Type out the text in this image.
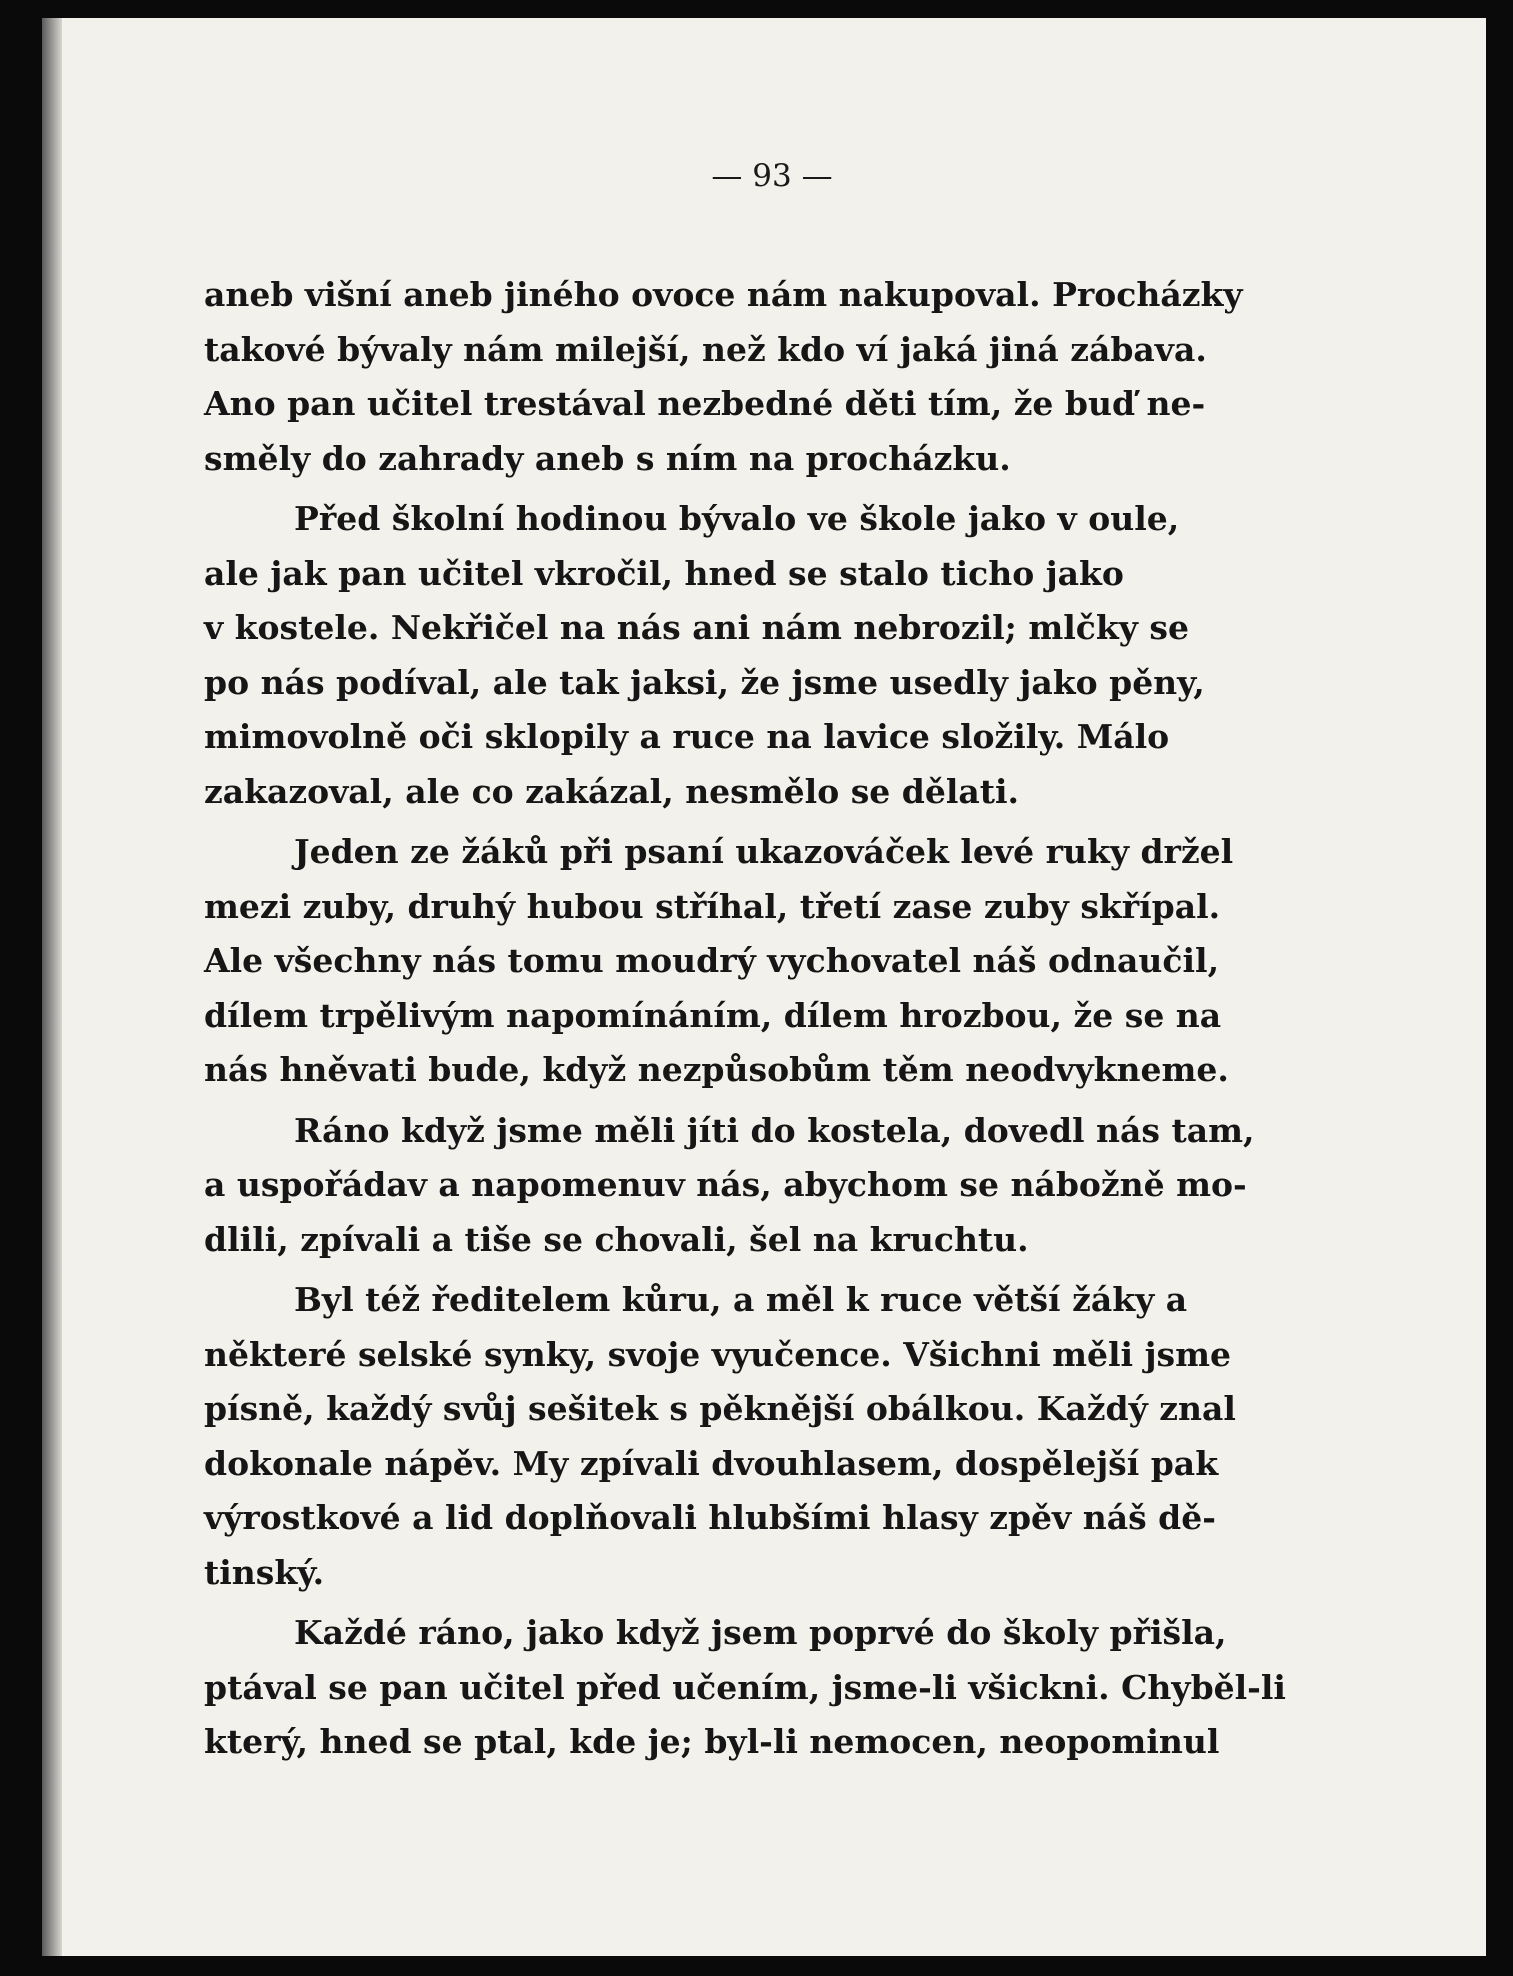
— 93 —
aneb višní aneb jiného ovoce nám nakupoval. Procházky
takové bývaly nám milejší, než kdo ví jaká jiná zábava.
Ano pan učitel trestával nezbedné děti tím, že buď ne-
směly do zahrady aneb s ním na procházku.
Před školní hodinou bývalo ve škole jako v oule,
ale jak pan učitel vkročil, hned se stalo ticho jako
v kostele. Nekřičel na nás ani nám nebrozil; mlčky se
po nás podíval, ale tak jaksi, že jsme usedly jako pěny,
mimovolně oči sklopily a ruce na lavice složily. Málo
zakazoval, ale co zakázal, nesmělo se dělati.
Jeden ze žáků při psaní ukazováček levé ruky držel
mezi zuby, druhý hubou stříhal, třetí zase zuby skřípal.
Ale všechny nás tomu moudrý vychovatel náš odnaučil,
dílem trpělivým napomínáním, dílem hrozbou, že se na
nás hněvati bude, když nezpůsobům těm neodvykneme.
Ráno když jsme měli jíti do kostela, dovedl nás tam,
a uspořádav a napomenuv nás, abychom se nábožně mo-
dlili, zpívali a tiše se chovali, šel na kruchtu.
Byl též ředitelem kůru, a měl k ruce větší žáky a
některé selské synky, svoje vyučence. Všichni měli jsme
písně, každý svůj sešitek s pěknější obálkou. Každý znal
dokonale nápěv. My zpívali dvouhlasem, dospělejší pak
výrostkové a lid doplňovali hlubšími hlasy zpěv náš dě-
tinský.
Každé ráno, jako když jsem poprvé do školy přišla,
ptával se pan učitel před učením, jsme-li všickni. Chyběl-li
který, hned se ptal, kde je; byl-li nemocen, neopominul
